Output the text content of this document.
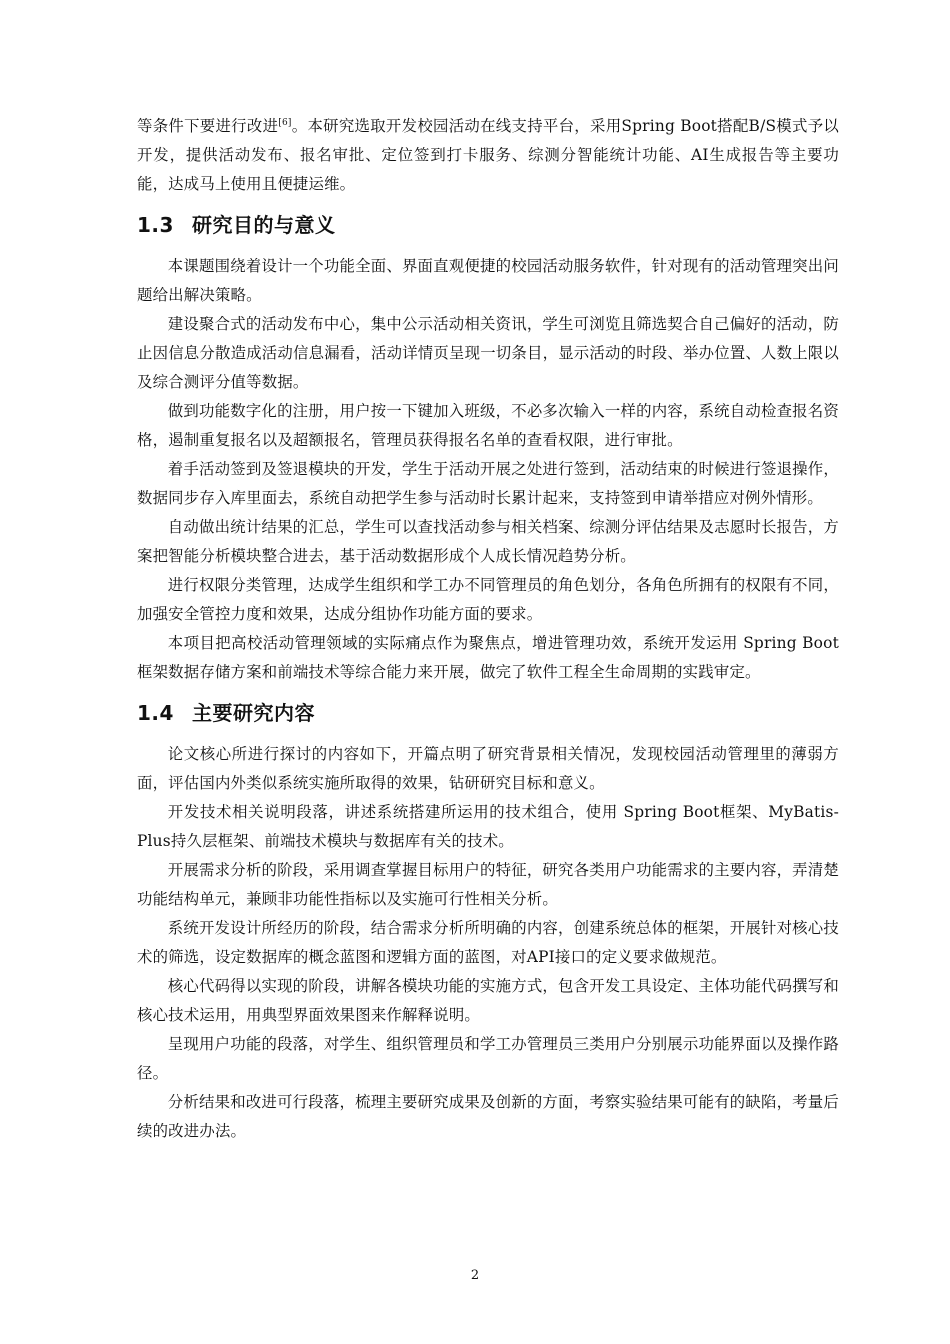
等条件下要进行改进[6]。本研究选取开发校园活动在线支持平台，采用Spring Boot搭配B/S模式予以开发，提供活动发布、报名审批、定位签到打卡服务、综测分智能统计功能、AI生成报告等主要功能，达成马上使用且便捷运维。

1.3 研究目的与意义

本课题围绕着设计一个功能全面、界面直观便捷的校园活动服务软件，针对现有的活动管理突出问题给出解决策略。

建设聚合式的活动发布中心，集中公示活动相关资讯，学生可浏览且筛选契合自己偏好的活动，防止因信息分散造成活动信息漏看，活动详情页呈现一切条目，显示活动的时段、举办位置、人数上限以及综合测评分值等数据。

做到功能数字化的注册，用户按一下键加入班级，不必多次输入一样的内容，系统自动检查报名资格，遏制重复报名以及超额报名，管理员获得报名名单的查看权限，进行审批。

着手活动签到及签退模块的开发，学生于活动开展之处进行签到，活动结束的时候进行签退操作，数据同步存入库里面去，系统自动把学生参与活动时长累计起来，支持签到申请举措应对例外情形。

自动做出统计结果的汇总，学生可以查找活动参与相关档案、综测分评估结果及志愿时长报告，方案把智能分析模块整合进去，基于活动数据形成个人成长情况趋势分析。

进行权限分类管理，达成学生组织和学工办不同管理员的角色划分，各角色所拥有的权限有不同，加强安全管控力度和效果，达成分组协作功能方面的要求。

本项目把高校活动管理领域的实际痛点作为聚焦点，增进管理功效，系统开发运用 Spring Boot框架数据存储方案和前端技术等综合能力来开展，做完了软件工程全生命周期的实践审定。

1.4 主要研究内容

论文核心所进行探讨的内容如下，开篇点明了研究背景相关情况，发现校园活动管理里的薄弱方面，评估国内外类似系统实施所取得的效果，钻研研究目标和意义。

开发技术相关说明段落，讲述系统搭建所运用的技术组合，使用 Spring Boot框架、MyBatis-Plus持久层框架、前端技术模块与数据库有关的技术。

开展需求分析的阶段，采用调查掌握目标用户的特征，研究各类用户功能需求的主要内容，弄清楚功能结构单元，兼顾非功能性指标以及实施可行性相关分析。

系统开发设计所经历的阶段，结合需求分析所明确的内容，创建系统总体的框架，开展针对核心技术的筛选，设定数据库的概念蓝图和逻辑方面的蓝图，对API接口的定义要求做规范。

核心代码得以实现的阶段，讲解各模块功能的实施方式，包含开发工具设定、主体功能代码撰写和核心技术运用，用典型界面效果图来作解释说明。

呈现用户功能的段落，对学生、组织管理员和学工办管理员三类用户分别展示功能界面以及操作路径。

分析结果和改进可行段落，梳理主要研究成果及创新的方面，考察实验结果可能有的缺陷，考量后续的改进办法。

2
